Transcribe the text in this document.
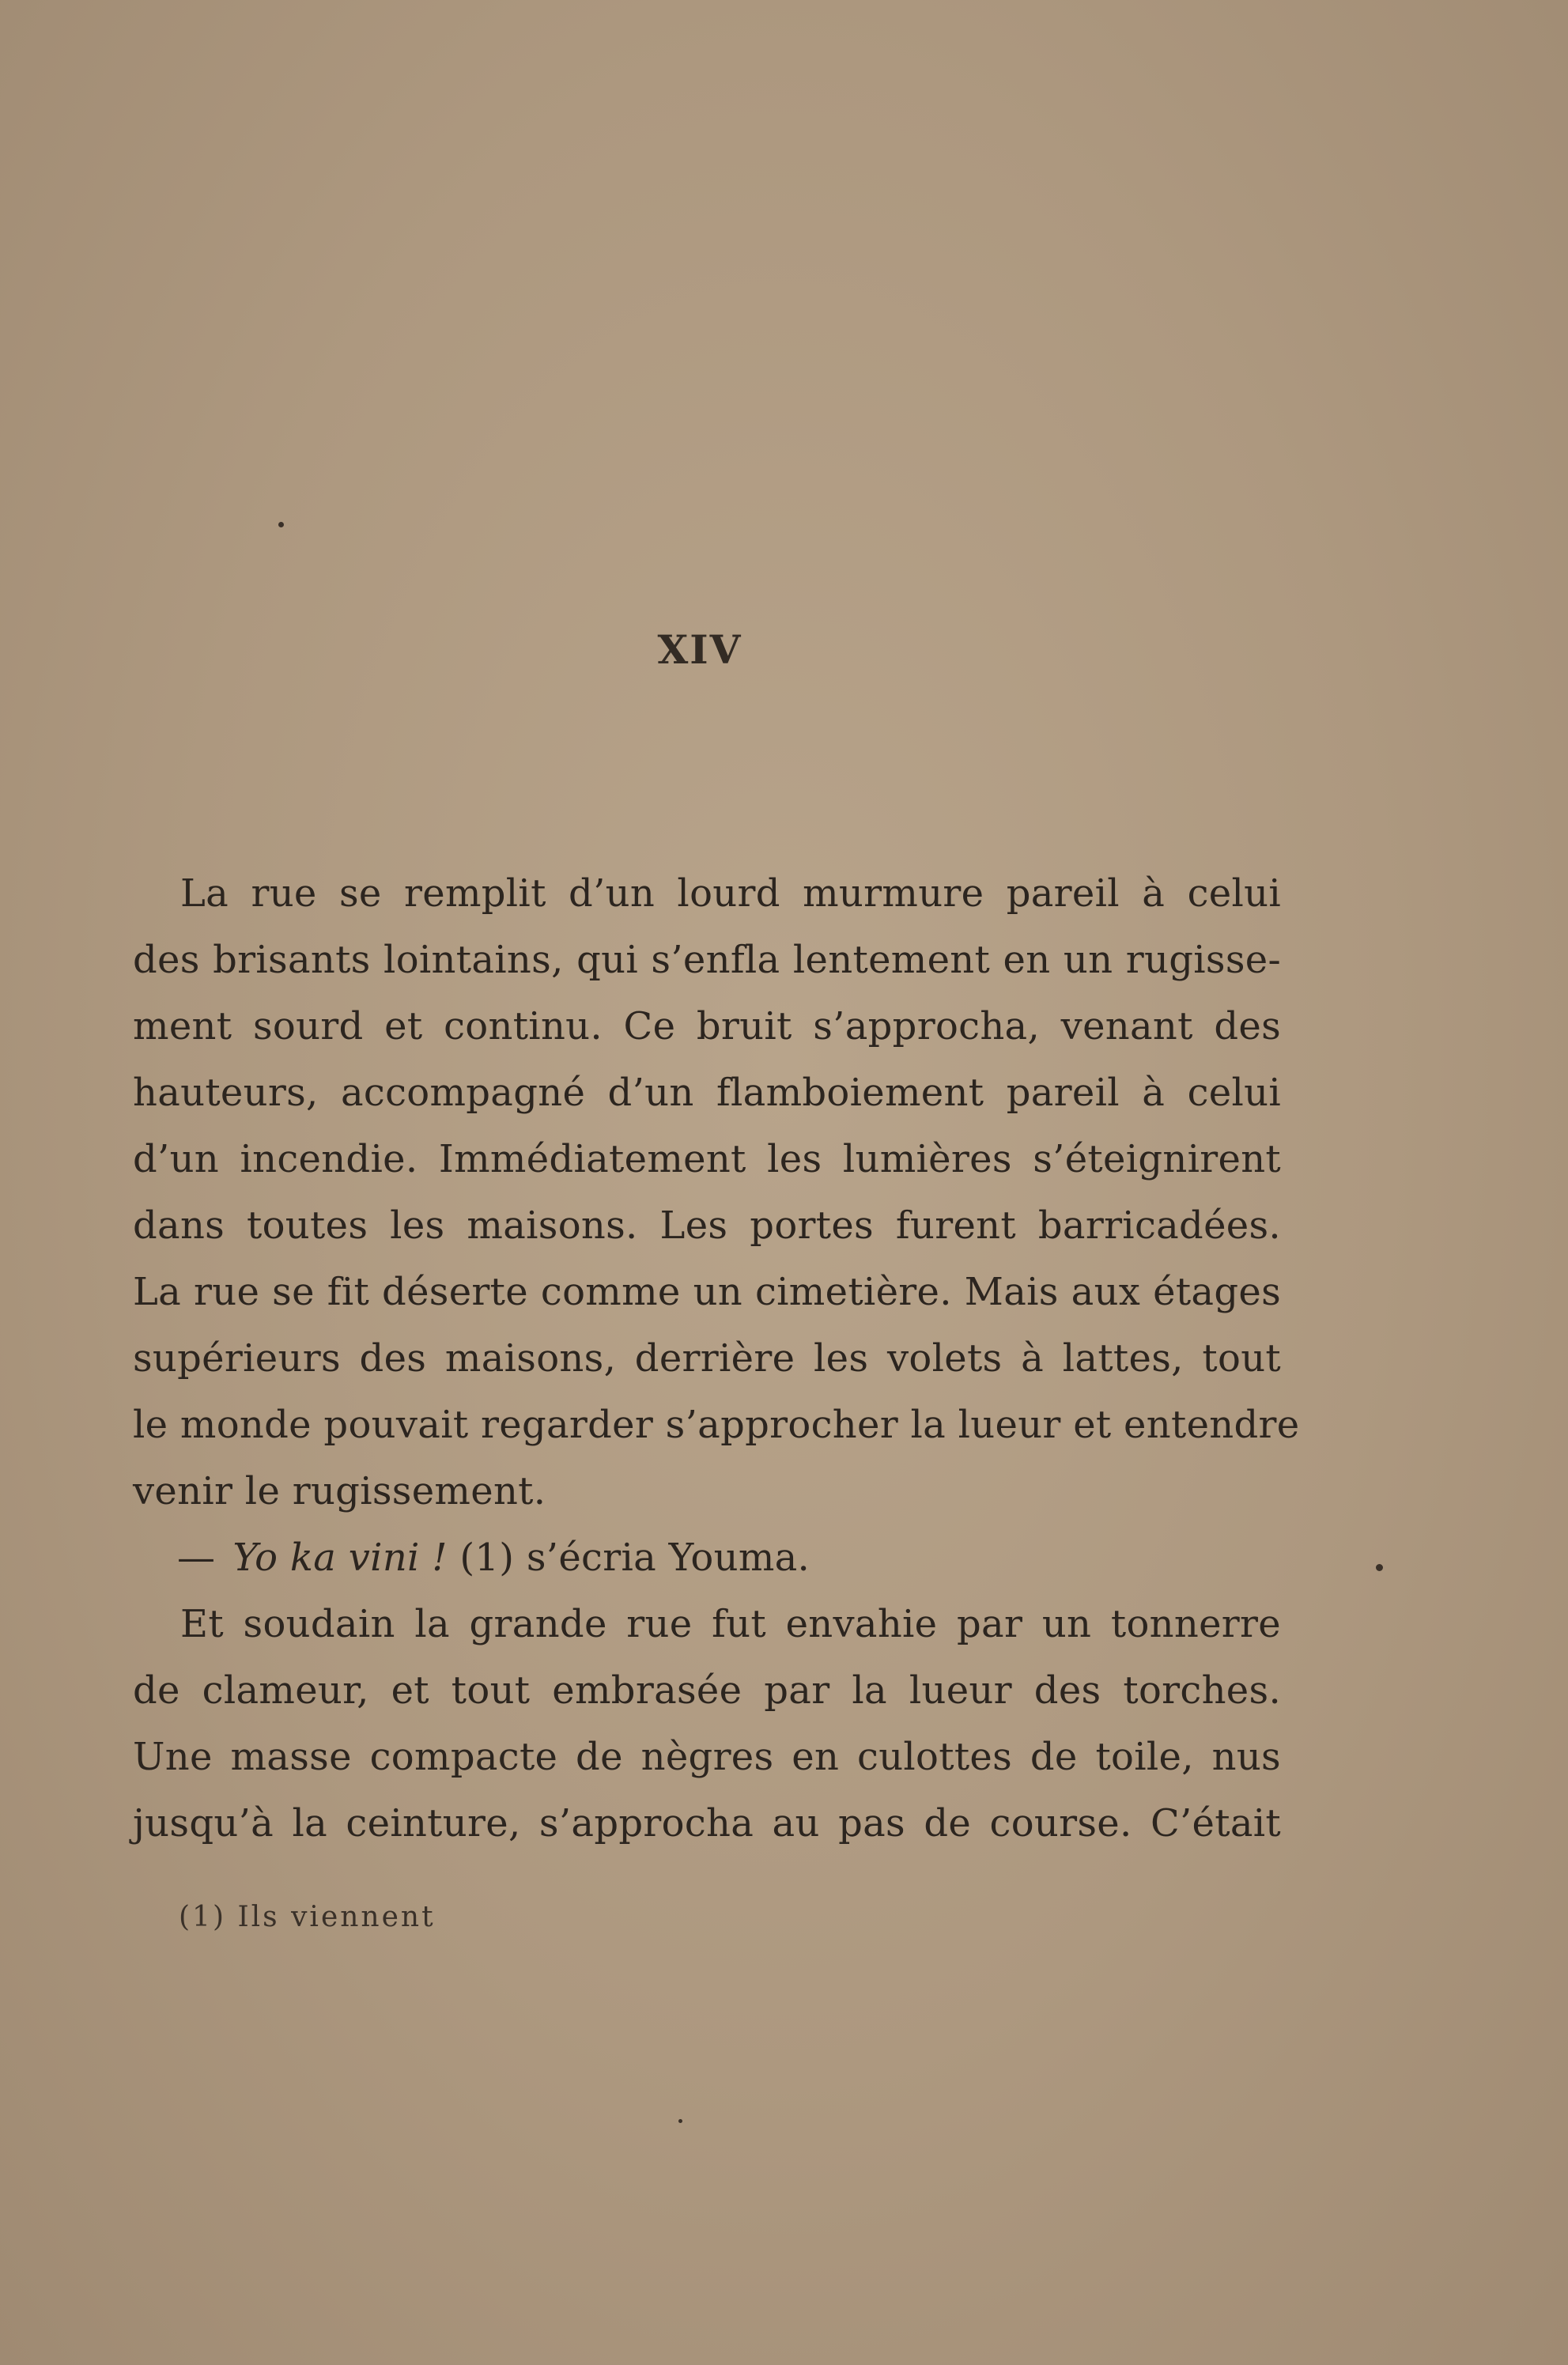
XIV
La rue se remplit d’un lourd murmure pareil à celui
des brisants lointains, qui s’enfla lentement en un rugisse-
ment sourd et continu. Ce bruit s’approcha, venant des
hauteurs, accompagné d’un flamboiement pareil à celui
d’un incendie. Immédiatement les lumières s’éteignirent
dans toutes les maisons. Les portes furent barricadées.
La rue se fit déserte comme un cimetière. Mais aux étages
supérieurs des maisons, derrière les volets à lattes, tout
le monde pouvait regarder s’approcher la lueur et entendre
venir le rugissement.
— Yo ka vini ! (1) s’écria Youma.
Et soudain la grande rue fut envahie par un tonnerre
de clameur, et tout embrasée par la lueur des torches.
Une masse compacte de nègres en culottes de toile, nus
jusqu’à la ceinture, s’approcha au pas de course. C’était
(1) Ils viennent
